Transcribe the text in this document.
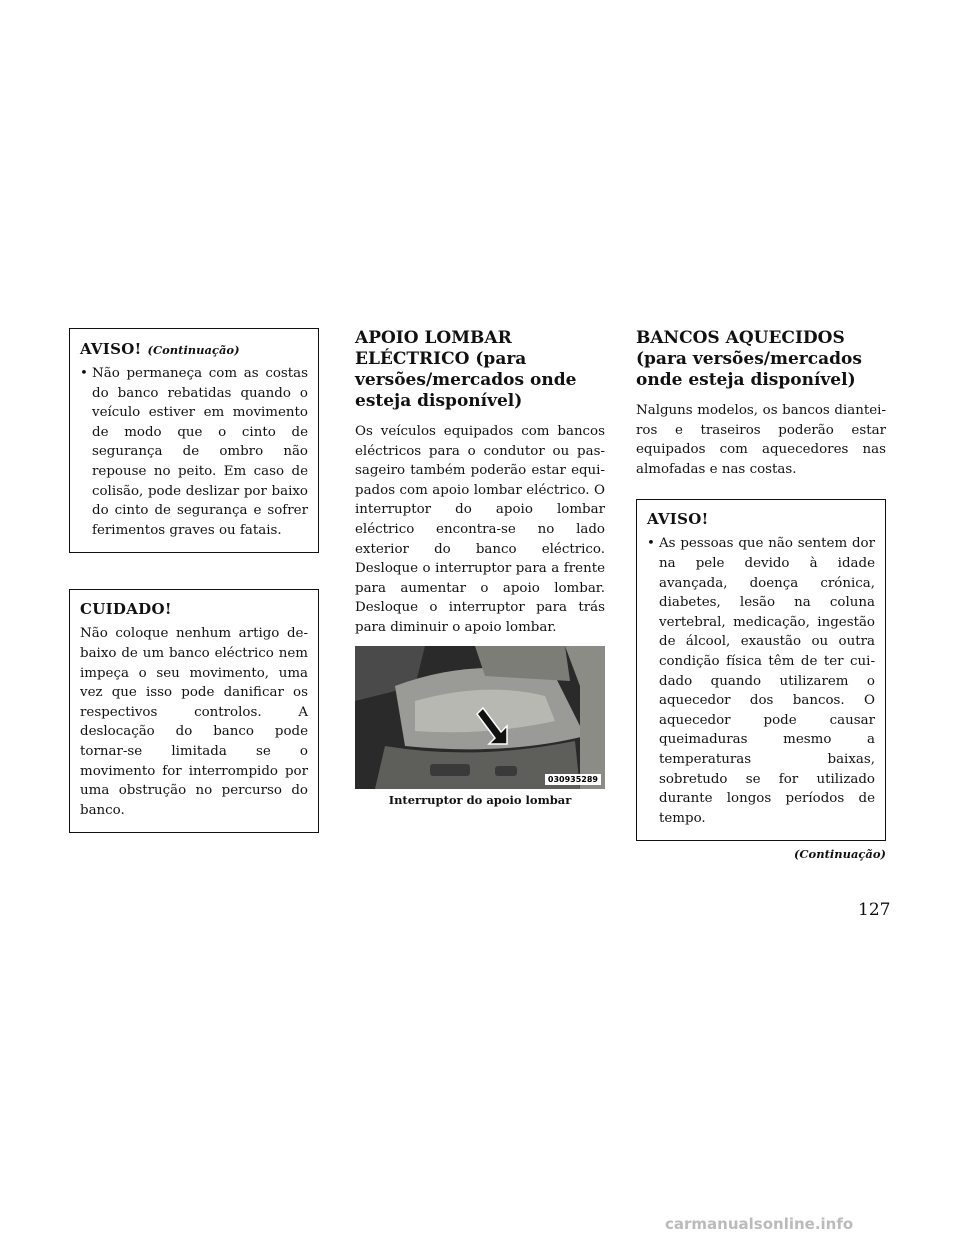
AVISO! (Continuação)
• Não permaneça com as costas do banco rebatidas quando o veículo estiver em movimento de modo que o cinto de segurança de ombro não repouse no peito. Em caso de colisão, pode deslizar por baixo do cinto de segurança e sofrer ferimentos graves ou fatais.
CUIDADO!

Não coloque nenhum artigo debaixo de um banco eléctrico nem impeça o seu movimento, uma vez que isso pode danificar os respectivos controlos. A deslocação do banco pode tornar-se limitada se o movimento for interrompido por uma obstrução no percurso do banco.

APOIO LOMBAR ELÉCTRICO (para versões/mercados onde esteja disponível)

Os veículos equipados com bancos eléctricos para o condutor ou passageiro também poderão estar equipados com apoio lombar eléctrico. O interruptor do apoio lombar eléctrico encontra-se no lado exterior do banco eléctrico. Desloque o interruptor para a frente para aumentar o apoio lombar. Desloque o interruptor para trás para diminuir o apoio lombar.

030935289
Interruptor do apoio lombar
BANCOS AQUECIDOS (para versões/mercados onde esteja disponível)

Nalguns modelos, os bancos dianteiros e traseiros poderão estar equipados com aquecedores nas almofadas e nas costas.

AVISO!
• As pessoas que não sentem dor na pele devido à idade avançada, doença crónica, diabetes, lesão na coluna vertebral, medicação, ingestão de álcool, exaustão ou outra condição física têm de ter cuidado quando utilizarem o aquecedor dos bancos. O aquecedor pode causar queimaduras mesmo a temperaturas baixas, sobretudo se for utilizado durante longos períodos de tempo.
(Continuação)
127
carmanualsonline.info
